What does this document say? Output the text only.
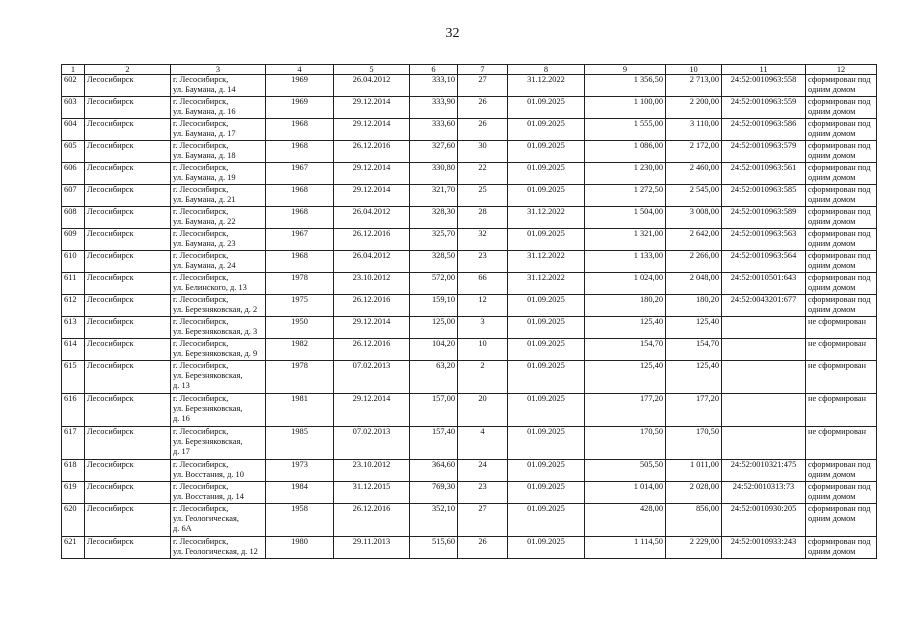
32
1	2	3	4	5	6	7	8	9	10	11	12
602	Лесосибирск	г. Лесосибирск,
ул. Баумана, д. 14	1969	26.04.2012	333,10	27	31.12.2022	1 356,50	2 713,00	24:52:0010963:558	сформирован под
одним домом
603	Лесосибирск	г. Лесосибирск,
ул. Баумана, д. 16	1969	29.12.2014	333,90	26	01.09.2025	1 100,00	2 200,00	24:52:0010963:559	сформирован под
одним домом
604	Лесосибирск	г. Лесосибирск,
ул. Баумана, д. 17	1968	29.12.2014	333,60	26	01.09.2025	1 555,00	3 110,00	24:52:0010963:586	сформирован под
одним домом
605	Лесосибирск	г. Лесосибирск,
ул. Баумана, д. 18	1968	26.12.2016	327,60	30	01.09.2025	1 086,00	2 172,00	24:52:0010963:579	сформирован под
одним домом
606	Лесосибирск	г. Лесосибирск,
ул. Баумана, д. 19	1967	29.12.2014	330,80	22	01.09.2025	1 230,00	2 460,00	24:52:0010963:561	сформирован под
одним домом
607	Лесосибирск	г. Лесосибирск,
ул. Баумана, д. 21	1968	29.12.2014	321,70	25	01.09.2025	1 272,50	2 545,00	24:52:0010963:585	сформирован под
одним домом
608	Лесосибирск	г. Лесосибирск,
ул. Баумана, д. 22	1968	26.04.2012	328,30	28	31.12.2022	1 504,00	3 008,00	24:52:0010963:589	сформирован под
одним домом
609	Лесосибирск	г. Лесосибирск,
ул. Баумана, д. 23	1967	26.12.2016	325,70	32	01.09.2025	1 321,00	2 642,00	24:52:0010963:563	сформирован под
одним домом
610	Лесосибирск	г. Лесосибирск,
ул. Баумана, д. 24	1968	26.04.2012	328,50	23	31.12.2022	1 133,00	2 266,00	24:52:0010963:564	сформирован под
одним домом
611	Лесосибирск	г. Лесосибирск,
ул. Белинского, д. 13	1978	23.10.2012	572,00	66	31.12.2022	1 024,00	2 048,00	24:52:0010501:643	сформирован под
одним домом
612	Лесосибирск	г. Лесосибирск,
ул. Березняковская, д. 2	1975	26.12.2016	159,10	12	01.09.2025	180,20	180,20	24:52:0043201:677	сформирован под
одним домом
613	Лесосибирск	г. Лесосибирск,
ул. Березняковская, д. 3	1950	29.12.2014	125,00	3	01.09.2025	125,40	125,40		не сформирован
614	Лесосибирск	г. Лесосибирск,
ул. Березняковская, д. 9	1982	26.12.2016	104,20	10	01.09.2025	154,70	154,70		не сформирован
615	Лесосибирск	г. Лесосибирск,
ул. Березняковская,
д. 13	1978	07.02.2013	63,20	2	01.09.2025	125,40	125,40		не сформирован
616	Лесосибирск	г. Лесосибирск,
ул. Березняковская,
д. 16	1981	29.12.2014	157,00	20	01.09.2025	177,20	177,20		не сформирован
617	Лесосибирск	г. Лесосибирск,
ул. Березняковская,
д. 17	1985	07.02.2013	157,40	4	01.09.2025	170,50	170,50		не сформирован
618	Лесосибирск	г. Лесосибирск,
ул. Восстания, д. 10	1973	23.10.2012	364,60	24	01.09.2025	505,50	1 011,00	24:52:0010321:475	сформирован под
одним домом
619	Лесосибирск	г. Лесосибирск,
ул. Восстания, д. 14	1984	31.12.2015	769,30	23	01.09.2025	1 014,00	2 028,00	24:52:0010313:73	сформирован под
одним домом
620	Лесосибирск	г. Лесосибирск,
ул. Геологическая,
д. 6А	1958	26.12.2016	352,10	27	01.09.2025	428,00	856,00	24:52:0010930:205	сформирован под
одним домом
621	Лесосибирск	г. Лесосибирск,
ул. Геологическая, д. 12	1980	29.11.2013	515,60	26	01.09.2025	1 114,50	2 229,00	24:52:0010933:243	сформирован под
одним домом
